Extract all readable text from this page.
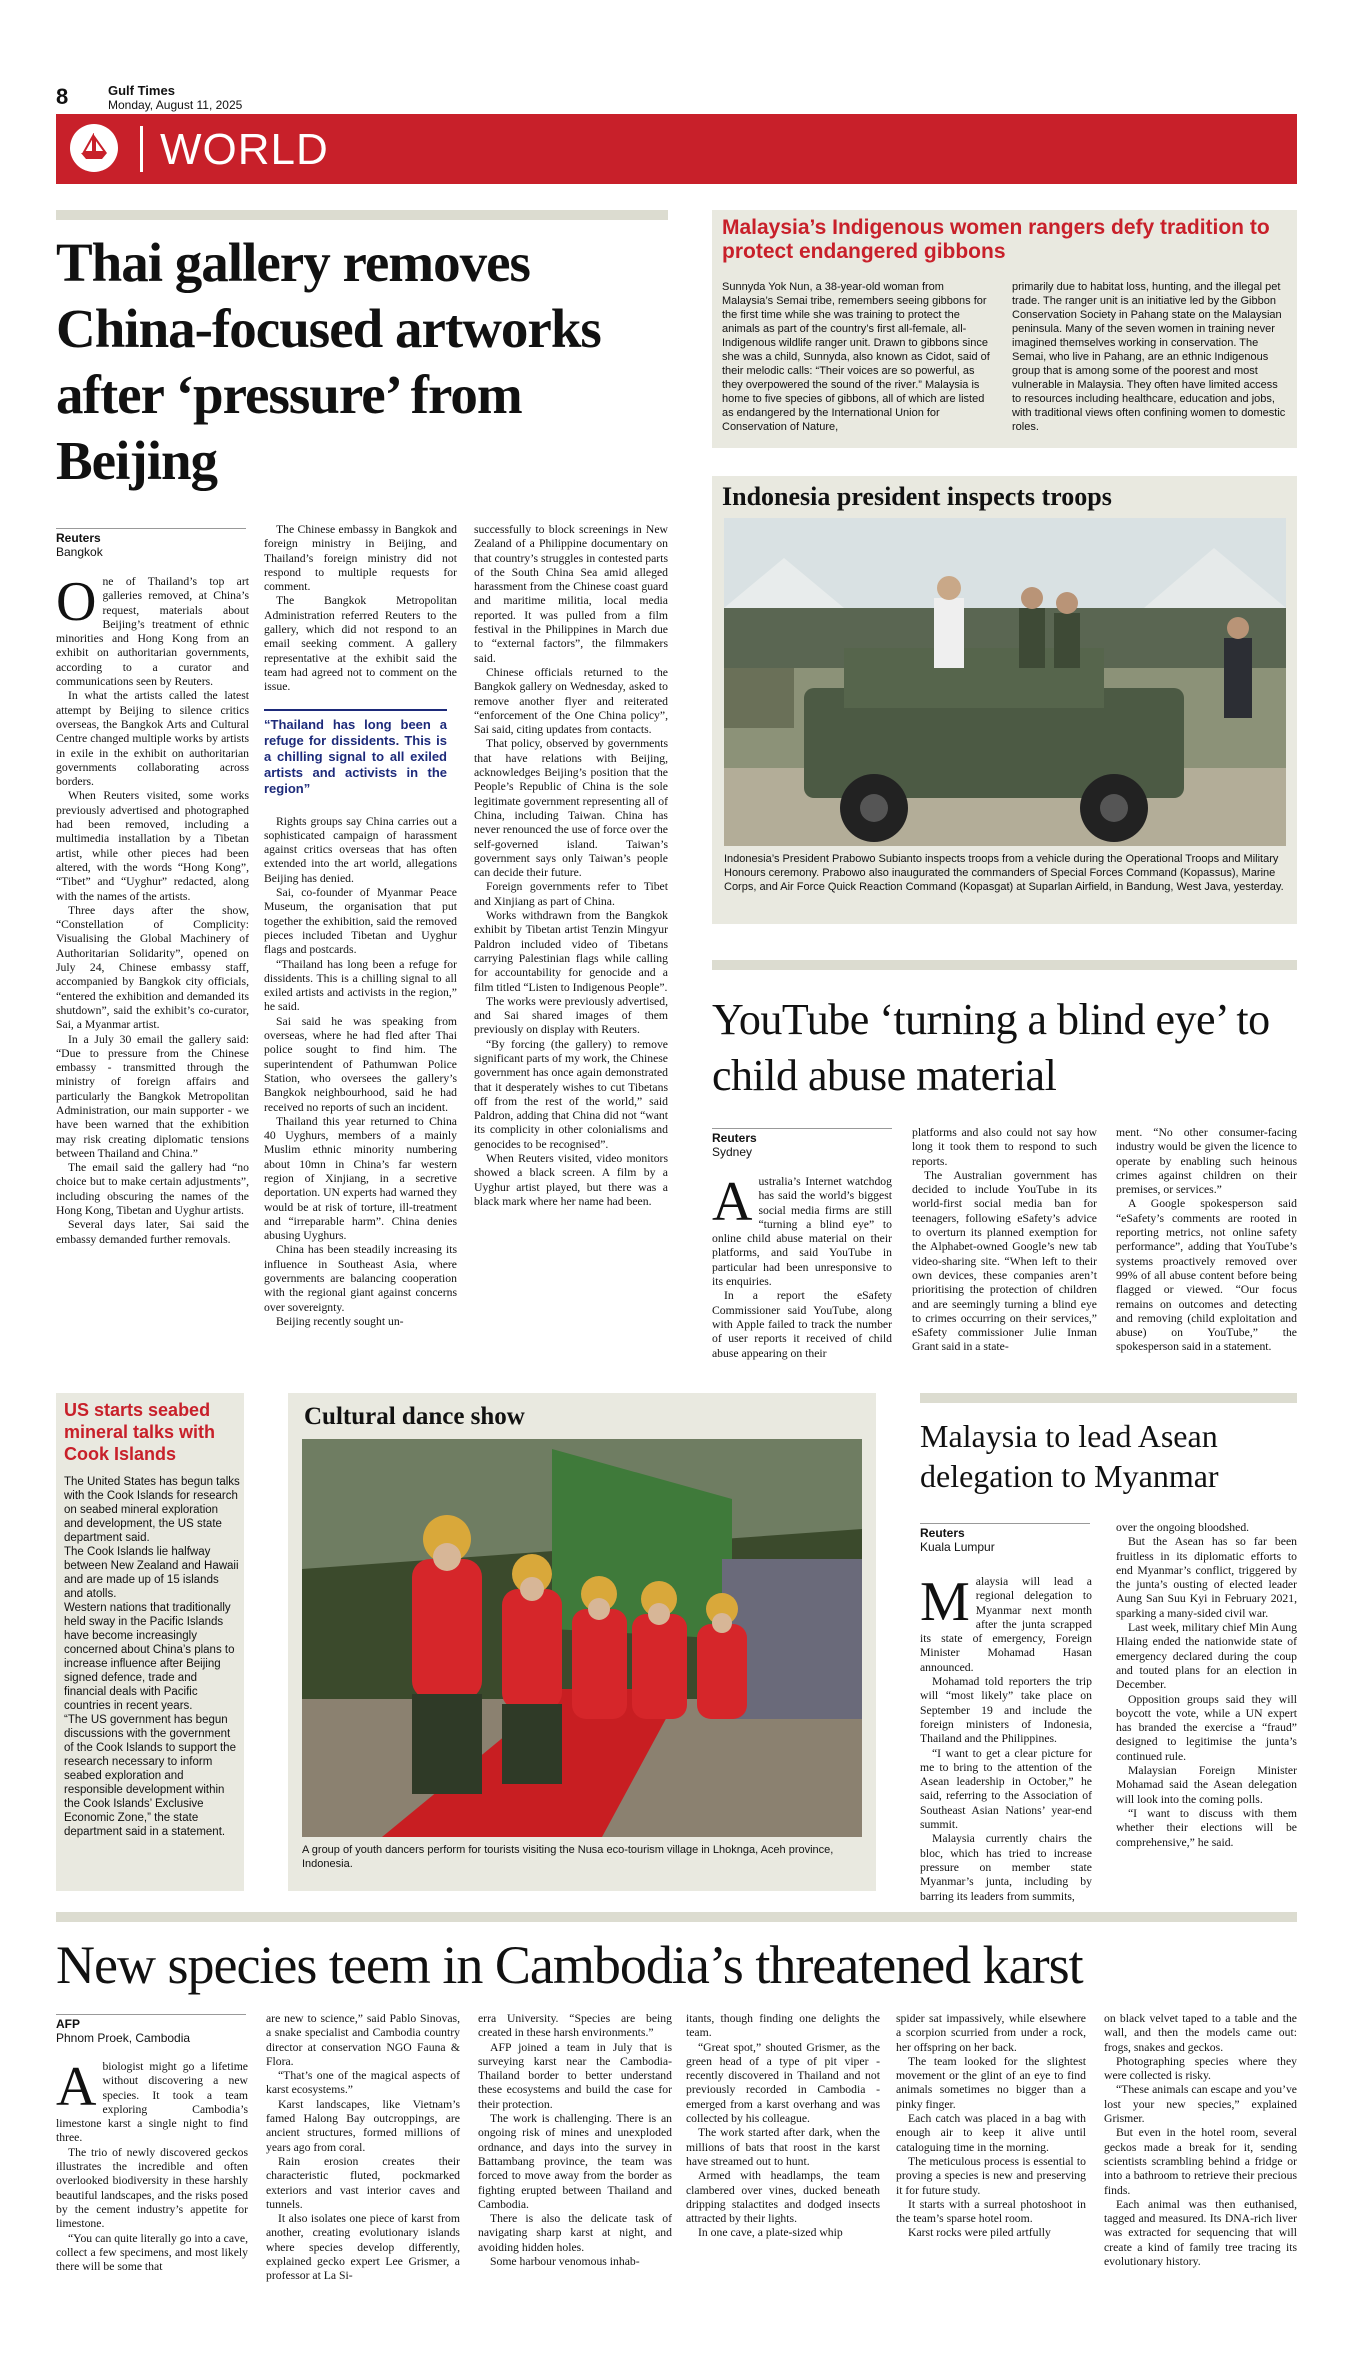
8	Gulf Times
Monday, August 11, 2025
WORLD
Thai gallery removes China-focused artworks after ‘pressure’ from Beijing
Reuters
Bangkok

One of Thailand’s top art galleries removed, at China’s request, materials about Beijing’s treatment of ethnic minorities and Hong Kong from an exhibit on authoritarian governments, according to a curator and communications seen by Reuters.

In what the artists called the latest attempt by Beijing to silence critics overseas, the Bangkok Arts and Cultural Centre changed multiple works by artists in exile in the exhibit on authoritarian governments collaborating across borders.

When Reuters visited, some works previously advertised and photographed had been removed, including a multimedia installation by a Tibetan artist, while other pieces had been altered, with the words “Hong Kong”, “Tibet” and “Uyghur” redacted, along with the names of the artists.

Three days after the show, “Constellation of Complicity: Visualising the Global Machinery of Authoritarian Solidarity”, opened on July 24, Chinese embassy staff, accompanied by Bangkok city officials, “entered the exhibition and demanded its shutdown”, said the exhibit’s co-curator, Sai, a Myanmar artist.

In a July 30 email the gallery said: “Due to pressure from the Chinese embassy - transmitted through the ministry of foreign affairs and particularly the Bangkok Metropolitan Administration, our main supporter - we have been warned that the exhibition may risk creating diplomatic tensions between Thailand and China.”

The email said the gallery had “no choice but to make certain adjustments”, including obscuring the names of the Hong Kong, Tibetan and Uyghur artists.

Several days later, Sai said the embassy demanded further removals.

The Chinese embassy in Bangkok and foreign ministry in Beijing, and Thailand’s foreign ministry did not respond to multiple requests for comment.

The Bangkok Metropolitan Administration referred Reuters to the gallery, which did not respond to an email seeking comment. A gallery representative at the exhibit said the team had agreed not to comment on the issue.

“Thailand has long been a refuge for dissidents. This is a chilling signal to all exiled artists and activists in the region”

Rights groups say China carries out a sophisticated campaign of harassment against critics overseas that has often extended into the art world, allegations Beijing has denied.

Sai, co-founder of Myanmar Peace Museum, the organisation that put together the exhibition, said the removed pieces included Tibetan and Uyghur flags and postcards.

“Thailand has long been a refuge for dissidents. This is a chilling signal to all exiled artists and activists in the region,” he said.

Sai said he was speaking from overseas, where he had fled after Thai police sought to find him. The superintendent of Pathumwan Police Station, who oversees the gallery’s Bangkok neighbourhood, said he had received no reports of such an incident.

Thailand this year returned to China 40 Uyghurs, members of a mainly Muslim ethnic minority numbering about 10mn in China’s far western region of Xinjiang, in a secretive deportation. UN experts had warned they would be at risk of torture, ill-treatment and “irreparable harm”. China denies abusing Uyghurs.

China has been steadily increasing its influence in Southeast Asia, where governments are balancing cooperation with the regional giant against concerns over sovereignty.

Beijing recently sought un-

successfully to block screenings in New Zealand of a Philippine documentary on that country’s struggles in contested parts of the South China Sea amid alleged harassment from the Chinese coast guard and maritime militia, local media reported. It was pulled from a film festival in the Philippines in March due to “external factors”, the filmmakers said.

Chinese officials returned to the Bangkok gallery on Wednesday, asked to remove another flyer and reiterated “enforcement of the One China policy”, Sai said, citing updates from contacts.

That policy, observed by governments that have relations with Beijing, acknowledges Beijing’s position that the People’s Republic of China is the sole legitimate government representing all of China, including Taiwan. China has never renounced the use of force over the self-governed island. Taiwan’s government says only Taiwan’s people can decide their future.

Foreign governments refer to Tibet and Xinjiang as part of China.

Works withdrawn from the Bangkok exhibit by Tibetan artist Tenzin Mingyur Paldron included video of Tibetans carrying Palestinian flags while calling for accountability for genocide and a film titled “Listen to Indigenous People”.

The works were previously advertised, and Sai shared images of them previously on display with Reuters.

“By forcing (the gallery) to remove significant parts of my work, the Chinese government has once again demonstrated that it desperately wishes to cut Tibetans off from the rest of the world,” said Paldron, adding that China did not “want its complicity in other colonialisms and genocides to be recognised”.

When Reuters visited, video monitors showed a black screen. A film by a Uyghur artist played, but there was a black mark where her name had been.

Malaysia’s Indigenous women rangers defy tradition to protect endangered gibbons
Sunnyda Yok Nun, a 38-year-old woman from Malaysia’s Semai tribe, remembers seeing gibbons for the first time while she was training to protect the animals as part of the country’s first all-female, all-Indigenous wildlife ranger unit. Drawn to gibbons since she was a child, Sunnyda, also known as Cidot, said of their melodic calls: “Their voices are so powerful, as they overpowered the sound of the river.” Malaysia is home to five species of gibbons, all of which are listed as endangered by the International Union for Conservation of Nature,
primarily due to habitat loss, hunting, and the illegal pet trade. The ranger unit is an initiative led by the Gibbon Conservation Society in Pahang state on the Malaysian peninsula. Many of the seven women in training never imagined themselves working in conservation. The Semai, who live in Pahang, are an ethnic Indigenous group that is among some of the poorest and most vulnerable in Malaysia. They often have limited access to resources including healthcare, education and jobs, with traditional views often confining women to domestic roles.
Indonesia president inspects troops
Indonesia’s President Prabowo Subianto inspects troops from a vehicle during the Operational Troops and Military Honours ceremony. Prabowo also inaugurated the commanders of Special Forces Command (Kopassus), Marine Corps, and Air Force Quick Reaction Command (Kopasgat) at Suparlan Airfield, in Bandung, West Java, yesterday.
YouTube ‘turning a blind eye’ to child abuse material
Reuters
Sydney

Australia’s Internet watchdog has said the world’s biggest social media firms are still “turning a blind eye” to online child abuse material on their platforms, and said YouTube in particular had been unresponsive to its enquiries.

In a report the eSafety Commissioner said YouTube, along with Apple failed to track the number of user reports it received of child abuse appearing on their

platforms and also could not say how long it took them to respond to such reports.

The Australian government has decided to include YouTube in its world-first social media ban for teenagers, following eSafety’s advice to overturn its planned exemption for the Alphabet-owned Google’s new tab video-sharing site. “When left to their own devices, these companies aren’t prioritising the protection of children and are seemingly turning a blind eye to crimes occurring on their services,” eSafety commissioner Julie Inman Grant said in a state-

ment. “No other consumer-facing industry would be given the licence to operate by enabling such heinous crimes against children on their premises, or services.”

A Google spokesperson said “eSafety’s comments are rooted in reporting metrics, not online safety performance”, adding that YouTube’s systems proactively removed over 99% of all abuse content before being flagged or viewed. “Our focus remains on outcomes and detecting and removing (child exploitation and abuse) on YouTube,” the spokesperson said in a statement.

US starts seabed mineral talks with Cook Islands
The United States has begun talks with the Cook Islands for research on seabed mineral exploration and development, the US state department said.
The Cook Islands lie halfway between New Zealand and Hawaii and are made up of 15 islands and atolls.
Western nations that traditionally held sway in the Pacific Islands have become increasingly concerned about China’s plans to increase influence after Beijing signed defence, trade and financial deals with Pacific countries in recent years.
“The US government has begun discussions with the government of the Cook Islands to support the research necessary to inform seabed exploration and responsible development within the Cook Islands’ Exclusive Economic Zone,” the state department said in a statement.
Cultural dance show
A group of youth dancers perform for tourists visiting the Nusa eco-tourism village in Lhoknga, Aceh province, Indonesia.
Malaysia to lead Asean delegation to Myanmar
Reuters
Kuala Lumpur

Malaysia will lead a regional delegation to Myanmar next month after the junta scrapped its state of emergency, Foreign Minister Mohamad Hasan announced.

Mohamad told reporters the trip will “most likely” take place on September 19 and include the foreign ministers of Indonesia, Thailand and the Philippines.

“I want to get a clear picture for me to bring to the attention of the Asean leadership in October,” he said, referring to the Association of Southeast Asian Nations’ year-end summit.

Malaysia currently chairs the bloc, which has tried to increase pressure on member state Myanmar’s junta, including by barring its leaders from summits,

over the ongoing bloodshed.

But the Asean has so far been fruitless in its diplomatic efforts to end Myanmar’s conflict, triggered by the junta’s ousting of elected leader Aung San Suu Kyi in February 2021, sparking a many-sided civil war.

Last week, military chief Min Aung Hlaing ended the nationwide state of emergency declared during the coup and touted plans for an election in December.

Opposition groups said they will boycott the vote, while a UN expert has branded the exercise a “fraud” designed to legitimise the junta’s continued rule.

Malaysian Foreign Minister Mohamad said the Asean delegation will look into the coming polls.

“I want to discuss with them whether their elections will be comprehensive,” he said.

New species teem in Cambodia’s threatened karst
AFP
Phnom Proek, Cambodia

Abiologist might go a lifetime without discovering a new species. It took a team exploring Cambodia’s limestone karst a single night to find three.

The trio of newly discovered geckos illustrates the incredible and often overlooked biodiversity in these harshly beautiful landscapes, and the risks posed by the cement industry’s appetite for limestone.

“You can quite literally go into a cave, collect a few specimens, and most likely there will be some that

are new to science,” said Pablo Sinovas, a snake specialist and Cambodia country director at conservation NGO Fauna & Flora.

“That’s one of the magical aspects of karst ecosystems.”

Karst landscapes, like Vietnam’s famed Halong Bay outcroppings, are ancient structures, formed millions of years ago from coral.

Rain erosion creates their characteristic fluted, pockmarked exteriors and vast interior caves and tunnels.

It also isolates one piece of karst from another, creating evolutionary islands where species develop differently, explained gecko expert Lee Grismer, a professor at La Si-

erra University. “Species are being created in these harsh environments.”

AFP joined a team in July that is surveying karst near the Cambodia-Thailand border to better understand these ecosystems and build the case for their protection.

The work is challenging. There is an ongoing risk of mines and unexploded ordnance, and days into the survey in Battambang province, the team was forced to move away from the border as fighting erupted between Thailand and Cambodia.

There is also the delicate task of navigating sharp karst at night, and avoiding hidden holes.

Some harbour venomous inhab-

itants, though finding one delights the team.

“Great spot,” shouted Grismer, as the green head of a type of pit viper - recently discovered in Thailand and not previously recorded in Cambodia - emerged from a karst overhang and was collected by his colleague.

The work started after dark, when the millions of bats that roost in the karst have streamed out to hunt.

Armed with headlamps, the team clambered over vines, ducked beneath dripping stalactites and dodged insects attracted by their lights.

In one cave, a plate-sized whip

spider sat impassively, while elsewhere a scorpion scurried from under a rock, her offspring on her back.

The team looked for the slightest movement or the glint of an eye to find animals sometimes no bigger than a pinky finger.

Each catch was placed in a bag with enough air to keep it alive until cataloguing time in the morning.

The meticulous process is essential to proving a species is new and preserving it for future study.

It starts with a surreal photoshoot in the team’s sparse hotel room.

Karst rocks were piled artfully

on black velvet taped to a table and the wall, and then the models came out: frogs, snakes and geckos.

Photographing species where they were collected is risky.

“These animals can escape and you’ve lost your new species,” explained Grismer.

But even in the hotel room, several geckos made a break for it, sending scientists scrambling behind a fridge or into a bathroom to retrieve their precious finds.

Each animal was then euthanised, tagged and measured. Its DNA-rich liver was extracted for sequencing that will create a kind of family tree tracing its evolutionary history.
